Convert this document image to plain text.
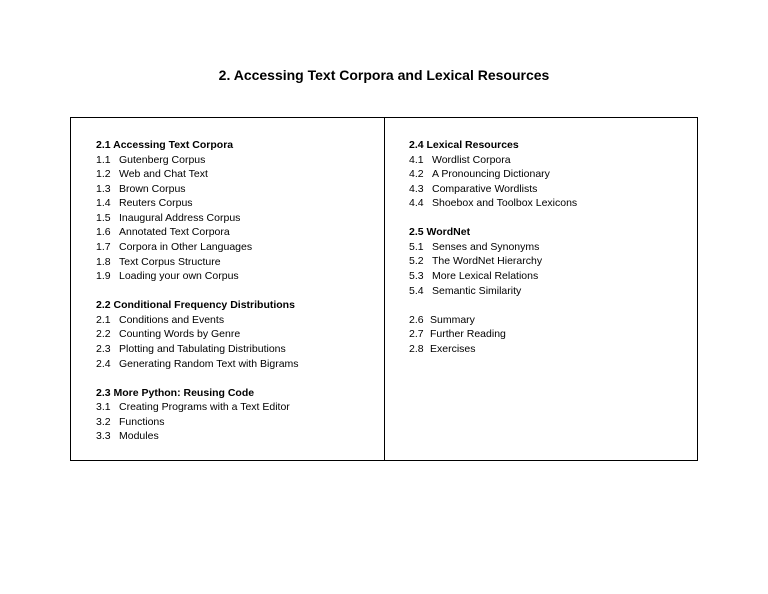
2. Accessing Text Corpora and Lexical Resources
2.1 Accessing Text Corpora
1.1 Gutenberg Corpus
1.2 Web and Chat Text
1.3 Brown Corpus
1.4 Reuters Corpus
1.5 Inaugural Address Corpus
1.6 Annotated Text Corpora
1.7 Corpora in Other Languages
1.8 Text Corpus Structure
1.9 Loading your own Corpus
2.2 Conditional Frequency Distributions
2.1 Conditions and Events
2.2 Counting Words by Genre
2.3 Plotting and Tabulating Distributions
2.4 Generating Random Text with Bigrams
2.3 More Python: Reusing Code
3.1 Creating Programs with a Text Editor
3.2 Functions
3.3 Modules
2.4 Lexical Resources
4.1 Wordlist Corpora
4.2 A Pronouncing Dictionary
4.3 Comparative Wordlists
4.4 Shoebox and Toolbox Lexicons
2.5 WordNet
5.1 Senses and Synonyms
5.2 The WordNet Hierarchy
5.3 More Lexical Relations
5.4 Semantic Similarity
2.6 Summary
2.7 Further Reading
2.8 Exercises
